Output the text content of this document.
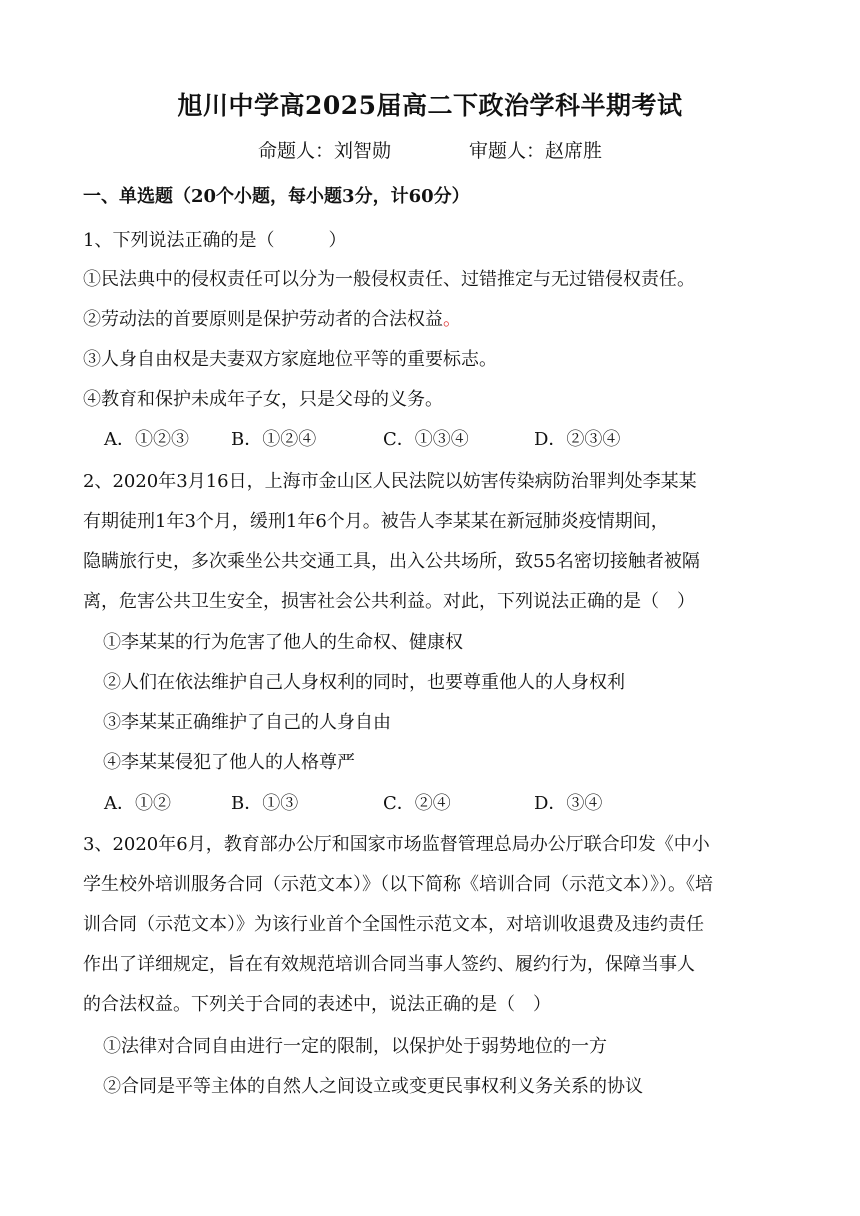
旭川中学高2025届高二下政治学科半期考试
命题人：刘智勋	审题人：赵席胜
一、单选题（20个小题，每小题3分，计60分）
1、下列说法正确的是（　　　）
①民法典中的侵权责任可以分为一般侵权责任、过错推定与无过错侵权责任。
②劳动法的首要原则是保护劳动者的合法权益。
③人身自由权是夫妻双方家庭地位平等的重要标志。
④教育和保护未成年子女，只是父母的义务。
A．①②③ B．①②④	C．①③④	D．②③④
2、2020年3月16日，上海市金山区人民法院以妨害传染病防治罪判处李某某
有期徒刑1年3个月，缓刑1年6个月。被告人李某某在新冠肺炎疫情期间，
隐瞒旅行史，多次乘坐公共交通工具，出入公共场所，致55名密切接触者被隔
离，危害公共卫生安全，损害社会公共利益。对此，下列说法正确的是（　）
①李某某的行为危害了他人的生命权、健康权
②人们在依法维护自己人身权利的同时，也要尊重他人的人身权利
③李某某正确维护了自己的人身自由
④李某某侵犯了他人的人格尊严
A．①②	B．①③	C．②④	D．③④
3、2020年6月，教育部办公厅和国家市场监督管理总局办公厅联合印发《中小
学生校外培训服务合同（示范文本）》（以下简称《培训合同（示范文本）》）。《培
训合同（示范文本）》为该行业首个全国性示范文本，对培训收退费及违约责任
作出了详细规定，旨在有效规范培训合同当事人签约、履约行为，保障当事人
的合法权益。下列关于合同的表述中，说法正确的是（　）
①法律对合同自由进行一定的限制，以保护处于弱势地位的一方
②合同是平等主体的自然人之间设立或变更民事权利义务关系的协议
